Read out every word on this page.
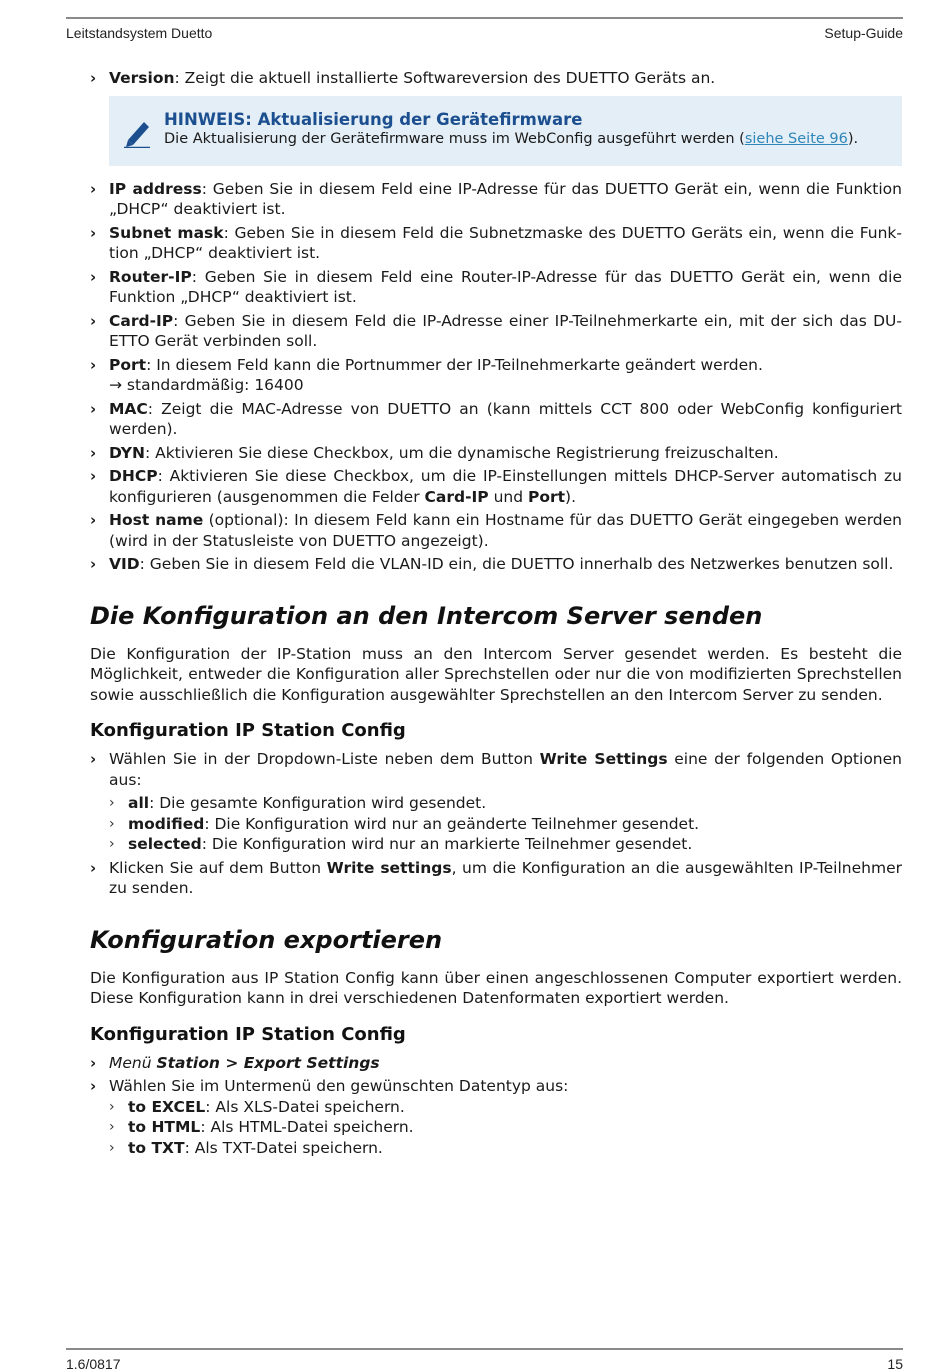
Leitstandsystem Duetto	Setup-Guide
› Version: Zeigt die aktuell installierte Softwareversion des DUETTO Geräts an.
HINWEIS: Aktualisierung der Gerätefirmware
Die Aktualisierung der Gerätefirmware muss im WebConfig ausgeführt werden (siehe Seite 96).
› IP address: Geben Sie in diesem Feld eine IP-Adresse für das DUETTO Gerät ein, wenn die Funktion „DHCP“ deaktiviert ist.
› Subnet mask: Geben Sie in diesem Feld die Subnetzmaske des DUETTO Geräts ein, wenn die Funktion „DHCP“ deaktiviert ist.
› Router-IP: Geben Sie in diesem Feld eine Router-IP-Adresse für das DUETTO Gerät ein, wenn die Funktion „DHCP“ deaktiviert ist.
› Card-IP: Geben Sie in diesem Feld die IP-Adresse einer IP-Teilnehmerkarte ein, mit der sich das DUETTO Gerät verbinden soll.
› Port: In diesem Feld kann die Portnummer der IP-Teilnehmerkarte geändert werden.
→ standardmäßig: 16400
› MAC: Zeigt die MAC-Adresse von DUETTO an (kann mittels CCT 800 oder WebConfig konfiguriert werden).
› DYN: Aktivieren Sie diese Checkbox, um die dynamische Registrierung freizuschalten.
› DHCP: Aktivieren Sie diese Checkbox, um die IP-Einstellungen mittels DHCP-Server automatisch zu konfigurieren (ausgenommen die Felder Card-IP und Port).
› Host name (optional): In diesem Feld kann ein Hostname für das DUETTO Gerät eingegeben werden (wird in der Statusleiste von DUETTO angezeigt).
› VID: Geben Sie in diesem Feld die VLAN-ID ein, die DUETTO innerhalb des Netzwerkes benutzen soll.
Die Konfiguration an den Intercom Server senden

Die Konfiguration der IP-Station muss an den Intercom Server gesendet werden. Es besteht die Möglichkeit, entweder die Konfiguration aller Sprechstellen oder nur die von modifizierten Sprechstellen sowie ausschließlich die Konfiguration ausgewählter Sprechstellen an den Intercom Server zu senden.

Konfiguration IP Station Config
› Wählen Sie in der Dropdown-Liste neben dem Button Write Settings eine der folgenden Optionen aus:
› all: Die gesamte Konfiguration wird gesendet.
› modified: Die Konfiguration wird nur an geänderte Teilnehmer gesendet.
› selected: Die Konfiguration wird nur an markierte Teilnehmer gesendet.
› Klicken Sie auf dem Button Write settings, um die Konfiguration an die ausgewählten IP-Teilnehmer zu senden.
Konfiguration exportieren

Die Konfiguration aus IP Station Config kann über einen angeschlossenen Computer exportiert werden. Diese Konfiguration kann in drei verschiedenen Datenformaten exportiert werden.

Konfiguration IP Station Config
› Menü Station > Export Settings
› Wählen Sie im Untermenü den gewünschten Datentyp aus:
› to EXCEL: Als XLS-Datei speichern.
› to HTML: Als HTML-Datei speichern.
› to TXT: Als TXT-Datei speichern.
1.6/0817	15
